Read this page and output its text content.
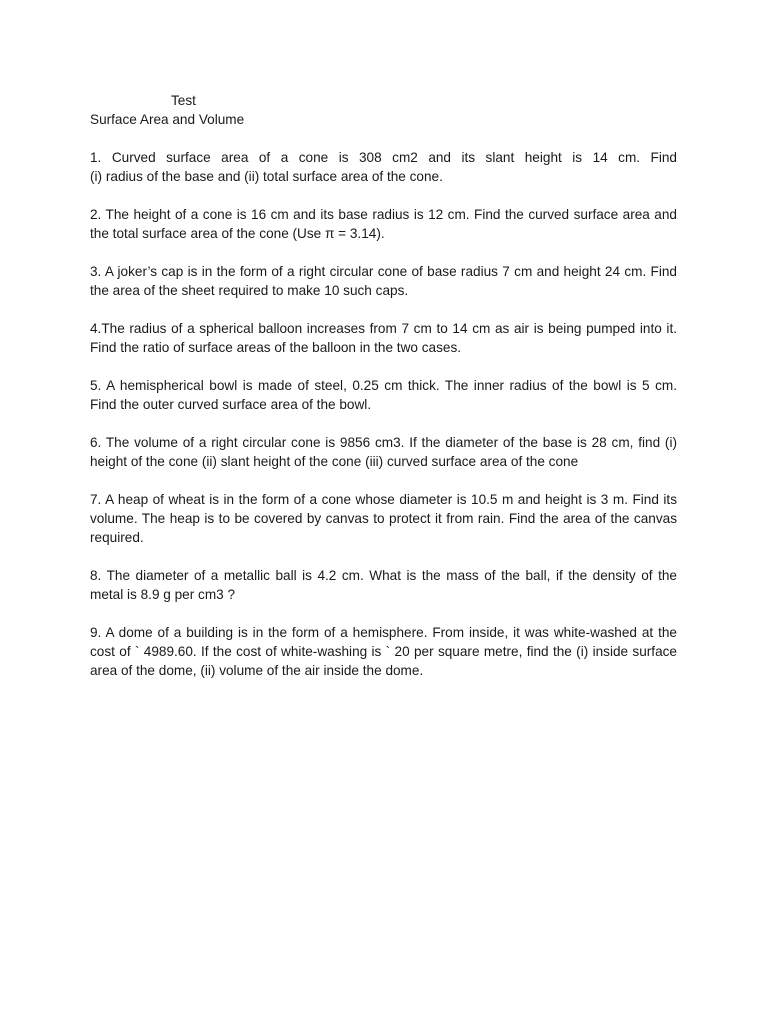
Test
Surface Area and Volume
1. Curved surface area of a cone is 308 cm2 and its slant height is 14 cm. Find
(i) radius of the base and (ii) total surface area of the cone.
2. The height of a cone is 16 cm and its base radius is 12 cm. Find the curved surface area and
the total surface area of the cone (Use π = 3.14).
3. A joker’s cap is in the form of a right circular cone of base radius 7 cm and height 24 cm. Find
the area of the sheet required to make 10 such caps.
4.The radius of a spherical balloon increases from 7 cm to 14 cm as air is being pumped into it.
Find the ratio of surface areas of the balloon in the two cases.
5. A hemispherical bowl is made of steel, 0.25 cm thick. The inner radius of the bowl is 5 cm.
Find the outer curved surface area of the bowl.
6. The volume of a right circular cone is 9856 cm3. If the diameter of the base is 28 cm, find (i)
height of the cone (ii) slant height of the cone (iii) curved surface area of the cone
7. A heap of wheat is in the form of a cone whose diameter is 10.5 m and height is 3 m. Find its
volume. The heap is to be covered by canvas to protect it from rain. Find the area of the canvas
required.
8. The diameter of a metallic ball is 4.2 cm. What is the mass of the ball, if the density of the
metal is 8.9 g per cm3 ?
9. A dome of a building is in the form of a hemisphere. From inside, it was white-washed at the
cost of ` 4989.60. If the cost of white-washing is ` 20 per square metre, find the (i) inside surface
area of the dome, (ii) volume of the air inside the dome.
